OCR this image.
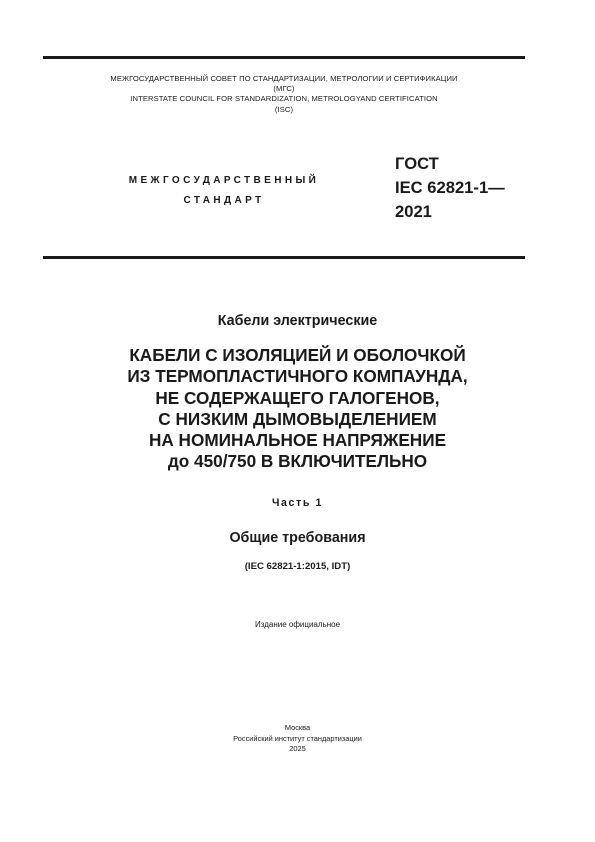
МЕЖГОСУДАРСТВЕННЫЙ СОВЕТ ПО СТАНДАРТИЗАЦИИ, МЕТРОЛОГИИ И СЕРТИФИКАЦИИ
(МГС)
INTERSTATE COUNCIL FOR STANDARDIZATION, METROLOGYAND CERTIFICATION
(ISC)
МЕЖГОСУДАРСТВЕННЫЙ
СТАНДАРТ
ГОСТ
IEC 62821-1—
2021
Кабели электрические
КАБЕЛИ С ИЗОЛЯЦИЕЙ И ОБОЛОЧКОЙ
ИЗ ТЕРМОПЛАСТИЧНОГО КОМПАУНДА,
НЕ СОДЕРЖАЩЕГО ГАЛОГЕНОВ,
С НИЗКИМ ДЫМОВЫДЕЛЕНИЕМ
НА НОМИНАЛЬНОЕ НАПРЯЖЕНИЕ
до 450/750 В ВКЛЮЧИТЕЛЬНО
Часть 1
Общие требования
(IEC 62821-1:2015, IDT)
Издание официальное
Москва
Российский институт стандартизации
2025
